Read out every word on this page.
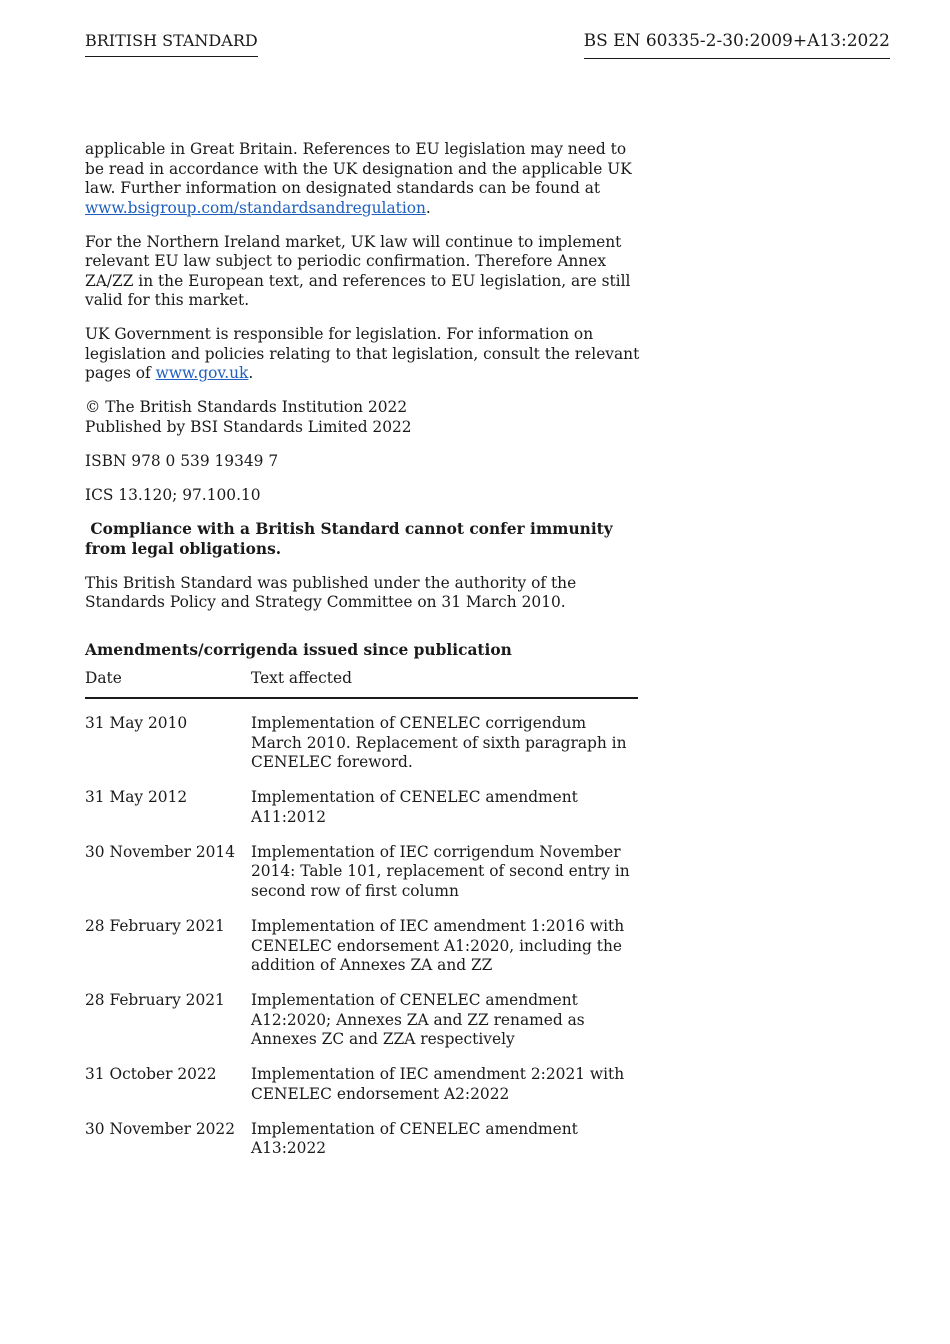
BRITISH STANDARD	BS EN 60335-2-30:2009+A13:2022

applicable in Great Britain. References to EU legislation may need to be read in accordance with the UK designation and the applicable UK law. Further information on designated standards can be found at www.bsigroup.com/standardsandregulation.

For the Northern Ireland market, UK law will continue to implement relevant EU law subject to periodic confirmation. Therefore Annex ZA/ZZ in the European text, and references to EU legislation, are still valid for this market.

UK Government is responsible for legislation. For information on legislation and policies relating to that legislation, consult the relevant pages of www.gov.uk.

© The British Standards Institution 2022
Published by BSI Standards Limited 2022

ISBN 978 0 539 19349 7

ICS 13.120; 97.100.10

Compliance with a British Standard cannot confer immunity from legal obligations.

This British Standard was published under the authority of the Standards Policy and Strategy Committee on 31 March 2010.

Amendments/corrigenda issued since publication
Date	Text affected
31 May 2010	Implementation of CENELEC corrigendum March 2010. Replacement of sixth paragraph in CENELEC foreword.
31 May 2012	Implementation of CENELEC amendment A11:2012
30 November 2014	Implementation of IEC corrigendum November 2014: Table 101, replacement of second entry in second row of first column
28 February 2021	Implementation of IEC amendment 1:2016 with CENELEC endorsement A1:2020, including the addition of Annexes ZA and ZZ
28 February 2021	Implementation of CENELEC amendment A12:2020; Annexes ZA and ZZ renamed as Annexes ZC and ZZA respectively
31 October 2022	Implementation of IEC amendment 2:2021 with CENELEC endorsement A2:2022
30 November 2022	Implementation of CENELEC amendment A13:2022
